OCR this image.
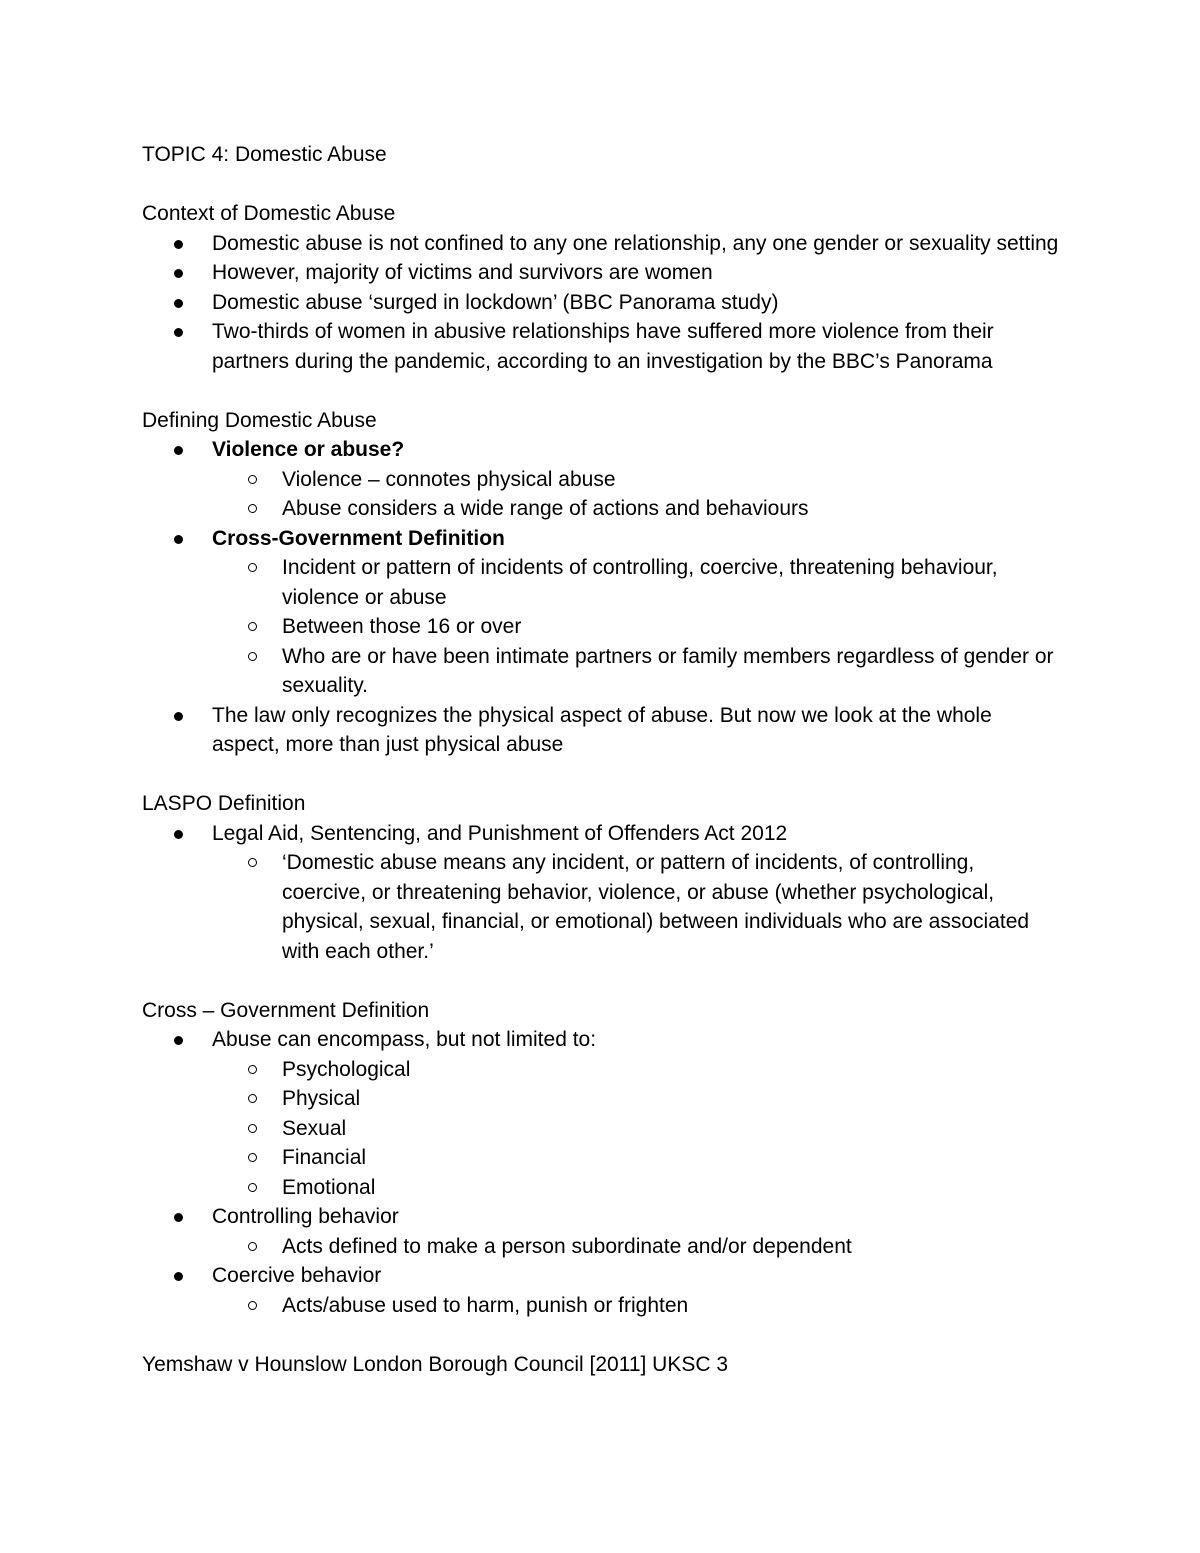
TOPIC 4: Domestic Abuse

Context of Domestic Abuse

Domestic abuse is not confined to any one relationship, any one gender or sexuality setting
However, majority of victims and survivors are women
Domestic abuse ‘surged in lockdown’ (BBC Panorama study)
Two-thirds of women in abusive relationships have suffered more violence from their partners during the pandemic, according to an investigation by the BBC’s Panorama

Defining Domestic Abuse

Violence or abuse?
Violence – connotes physical abuse
Abuse considers a wide range of actions and behaviours
Cross-Government Definition
Incident or pattern of incidents of controlling, coercive, threatening behaviour, violence or abuse
Between those 16 or over
Who are or have been intimate partners or family members regardless of gender or sexuality.
The law only recognizes the physical aspect of abuse. But now we look at the whole aspect, more than just physical abuse

LASPO Definition

Legal Aid, Sentencing, and Punishment of Offenders Act 2012
‘Domestic abuse means any incident, or pattern of incidents, of controlling, coercive, or threatening behavior, violence, or abuse (whether psychological, physical, sexual, financial, or emotional) between individuals who are associated with each other.’

Cross – Government Definition

Abuse can encompass, but not limited to:
Psychological
Physical
Sexual
Financial
Emotional
Controlling behavior
Acts defined to make a person subordinate and/or dependent
Coercive behavior
Acts/abuse used to harm, punish or frighten

Yemshaw v Hounslow London Borough Council [2011] UKSC 3
